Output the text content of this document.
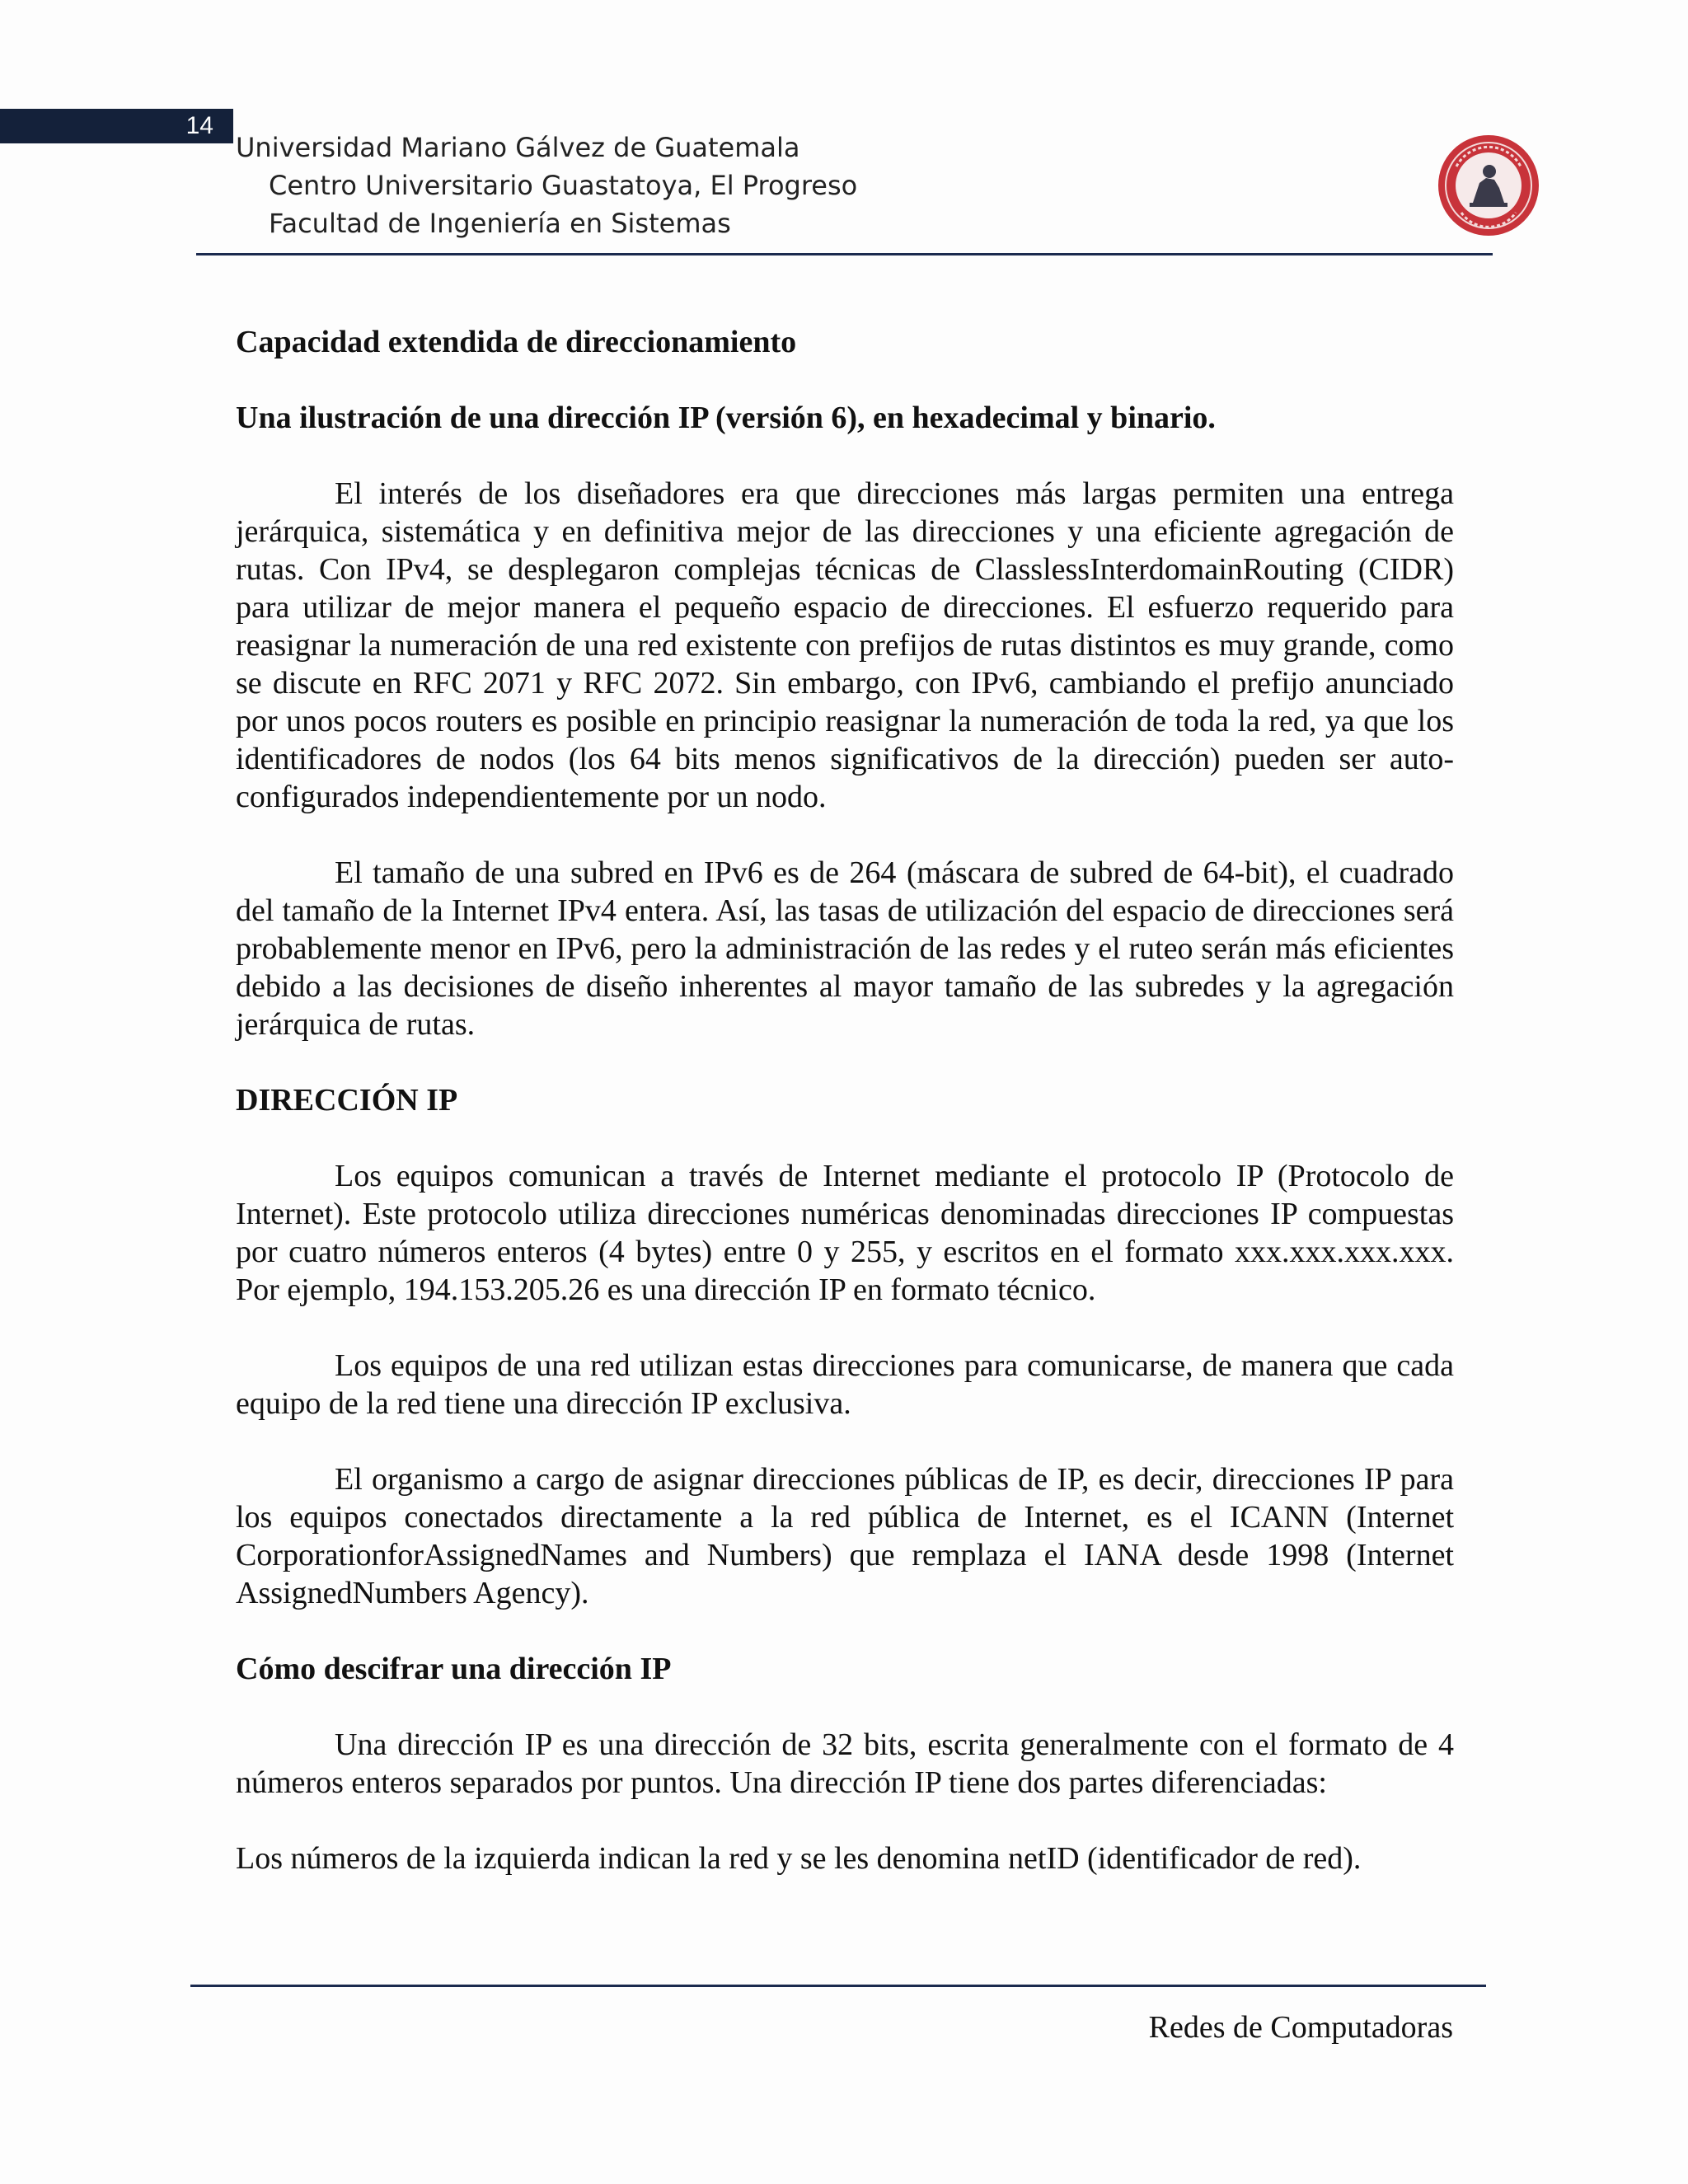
14
Universidad Mariano Gálvez de Guatemala
Centro Universitario Guastatoya, El Progreso
Facultad de Ingeniería en Sistemas

Capacidad extendida de direccionamiento

Una ilustración de una dirección IP (versión 6), en hexadecimal y binario.

El interés de los diseñadores era que direcciones más largas permiten una entrega jerárquica, sistemática y en definitiva mejor de las direcciones y una eficiente agregación de rutas. Con IPv4, se desplegaron complejas técnicas de ClasslessInterdomainRouting (CIDR) para utilizar de mejor manera el pequeño espacio de direcciones. El esfuerzo requerido para reasignar la numeración de una red existente con prefijos de rutas distintos es muy grande, como se discute en RFC 2071 y RFC 2072. Sin embargo, con IPv6, cambiando el prefijo anunciado por unos pocos routers es posible en principio reasignar la numeración de toda la red, ya que los identificadores de nodos (los 64 bits menos significativos de la dirección) pueden ser auto-configurados independientemente por un nodo.

El tamaño de una subred en IPv6 es de 264 (máscara de subred de 64-bit), el cuadrado del tamaño de la Internet IPv4 entera. Así, las tasas de utilización del espacio de direcciones será probablemente menor en IPv6, pero la administración de las redes y el ruteo serán más eficientes debido a las decisiones de diseño inherentes al mayor tamaño de las subredes y la agregación jerárquica de rutas.

DIRECCIÓN IP

Los equipos comunican a través de Internet mediante el protocolo IP (Protocolo de Internet). Este protocolo utiliza direcciones numéricas denominadas direcciones IP compuestas por cuatro números enteros (4 bytes) entre 0 y 255, y escritos en el formato xxx.xxx.xxx.xxx. Por ejemplo, 194.153.205.26 es una dirección IP en formato técnico.

Los equipos de una red utilizan estas direcciones para comunicarse, de manera que cada equipo de la red tiene una dirección IP exclusiva.

El organismo a cargo de asignar direcciones públicas de IP, es decir, direcciones IP para los equipos conectados directamente a la red pública de Internet, es el ICANN (Internet CorporationforAssignedNames and Numbers) que remplaza el IANA desde 1998 (Internet AssignedNumbers Agency).

Cómo descifrar una dirección IP

Una dirección IP es una dirección de 32 bits, escrita generalmente con el formato de 4 números enteros separados por puntos. Una dirección IP tiene dos partes diferenciadas:

Los números de la izquierda indican la red y se les denomina netID (identificador de red).

Redes de Computadoras
